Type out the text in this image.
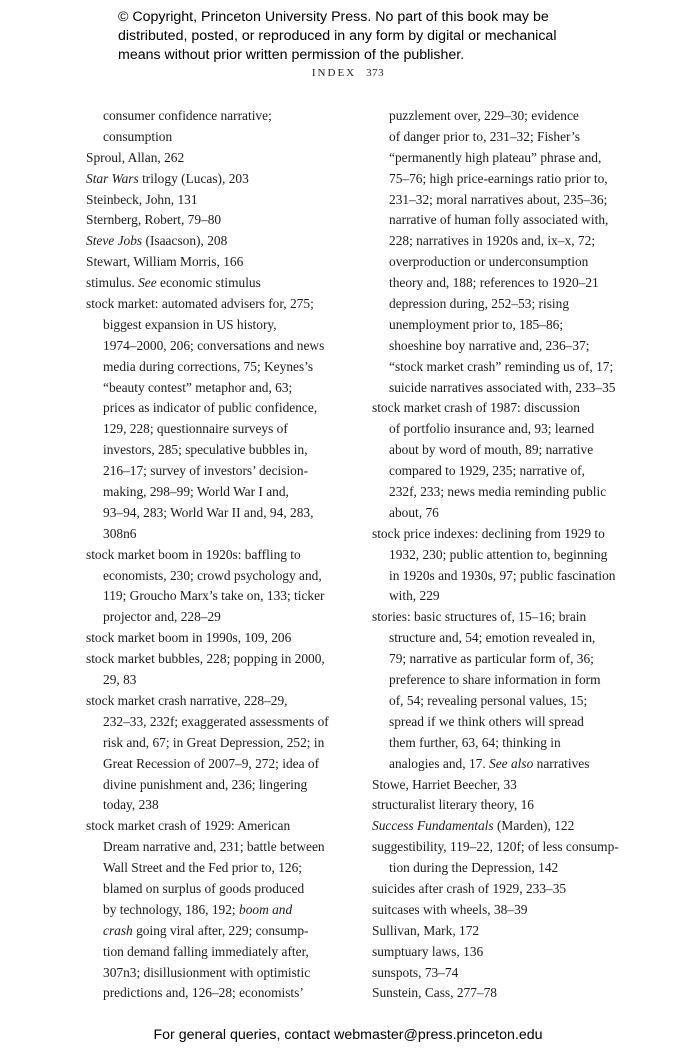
© Copyright, Princeton University Press. No part of this book may be
distributed, posted, or reproduced in any form by digital or mechanical
means without prior written permission of the publisher.
INDEX 373
consumer confidence narrative;
consumption
Sproul, Allan, 262
Star Wars trilogy (Lucas), 203
Steinbeck, John, 131
Sternberg, Robert, 79–80
Steve Jobs (Isaacson), 208
Stewart, William Morris, 166
stimulus. See economic stimulus
stock market: automated advisers for, 275;
biggest expansion in US history,
1974–2000, 206; conversations and news
media during corrections, 75; Keynes’s
“beauty contest” metaphor and, 63;
prices as indicator of public confidence,
129, 228; questionnaire surveys of
investors, 285; speculative bubbles in,
216–17; survey of investors’ decision-
making, 298–99; World War I and,
93–94, 283; World War II and, 94, 283,
308n6
stock market boom in 1920s: baffling to
economists, 230; crowd psychology and,
119; Groucho Marx’s take on, 133; ticker
projector and, 228–29
stock market boom in 1990s, 109, 206
stock market bubbles, 228; popping in 2000,
29, 83
stock market crash narrative, 228–29,
232–33, 232f; exaggerated assessments of
risk and, 67; in Great Depression, 252; in
Great Recession of 2007–9, 272; idea of
divine punishment and, 236; lingering
today, 238
stock market crash of 1929: American
Dream narrative and, 231; battle between
Wall Street and the Fed prior to, 126;
blamed on surplus of goods produced
by technology, 186, 192; boom and
crash going viral after, 229; consump-
tion demand falling immediately after,
307n3; disillusionment with optimistic
predictions and, 126–28; economists’
puzzlement over, 229–30; evidence
of danger prior to, 231–32; Fisher’s
“permanently high plateau” phrase and,
75–76; high price-earnings ratio prior to,
231–32; moral narratives about, 235–36;
narrative of human folly associated with,
228; narratives in 1920s and, ix–x, 72;
overproduction or underconsumption
theory and, 188; references to 1920–21
depression during, 252–53; rising
unemployment prior to, 185–86;
shoeshine boy narrative and, 236–37;
“stock market crash” reminding us of, 17;
suicide narratives associated with, 233–35
stock market crash of 1987: discussion
of portfolio insurance and, 93; learned
about by word of mouth, 89; narrative
compared to 1929, 235; narrative of,
232f, 233; news media reminding public
about, 76
stock price indexes: declining from 1929 to
1932, 230; public attention to, beginning
in 1920s and 1930s, 97; public fascination
with, 229
stories: basic structures of, 15–16; brain
structure and, 54; emotion revealed in,
79; narrative as particular form of, 36;
preference to share information in form
of, 54; revealing personal values, 15;
spread if we think others will spread
them further, 63, 64; thinking in
analogies and, 17. See also narratives
Stowe, Harriet Beecher, 33
structuralist literary theory, 16
Success Fundamentals (Marden), 122
suggestibility, 119–22, 120f; of less consump-
tion during the Depression, 142
suicides after crash of 1929, 233–35
suitcases with wheels, 38–39
Sullivan, Mark, 172
sumptuary laws, 136
sunspots, 73–74
Sunstein, Cass, 277–78
For general queries, contact webmaster@press.princeton.edu
